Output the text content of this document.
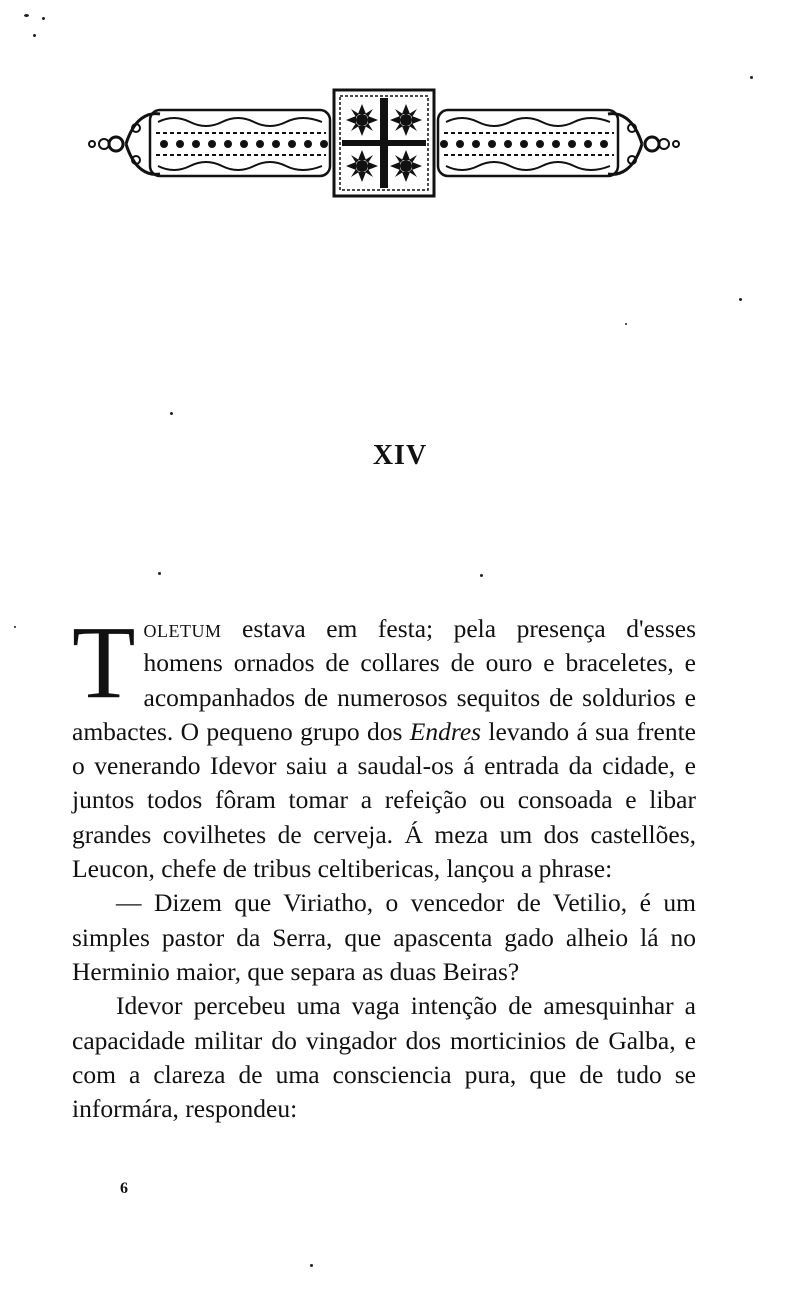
XIV

Toletum estava em festa; pela presença d'esses homens ornados de collares de ouro e braceletes, e acompanhados de numerosos sequitos de soldurios e ambactes. O pequeno grupo dos Endres levando á sua frente o venerando Idevor saiu a saudal-os á entrada da cidade, e juntos todos fôram tomar a refeição ou consoada e libar grandes covilhetes de cerveja. Á meza um dos castellões, Leucon, chefe de tribus celtibericas, lançou a phrase:

— Dizem que Viriatho, o vencedor de Vetilio, é um simples pastor da Serra, que apascenta gado alheio lá no Herminio maior, que separa as duas Beiras?

Idevor percebeu uma vaga intenção de amesquinhar a capacidade militar do vingador dos morticinios de Galba, e com a clareza de uma consciencia pura, que de tudo se informára, respondeu:

6
